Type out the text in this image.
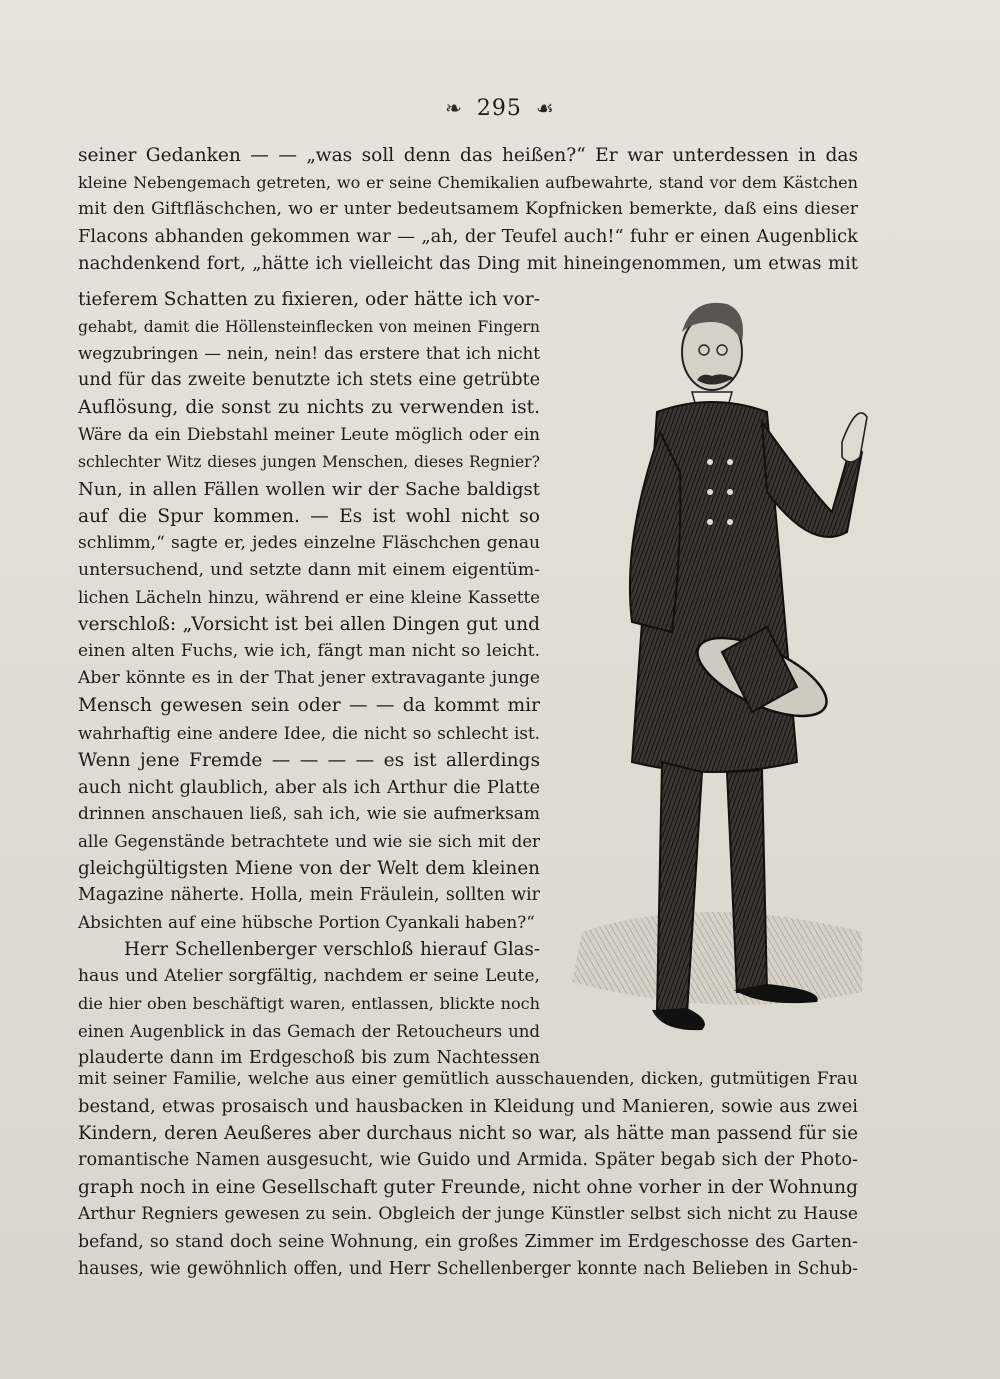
❧ 295 ☙
seiner Gedanken — — „was soll denn das heißen?“ Er war unterdessen in das
kleine Nebengemach getreten, wo er seine Chemikalien aufbewahrte, stand vor dem Kästchen
mit den Giftfläschchen, wo er unter bedeutsamem Kopfnicken bemerkte, daß eins dieser
Flacons abhanden gekommen war — „ah, der Teufel auch!“ fuhr er einen Augenblick
nachdenkend fort, „hätte ich vielleicht das Ding mit hineingenommen, um etwas mit
tieferem Schatten zu fixieren, oder hätte ich vor-
gehabt, damit die Höllensteinflecken von meinen Fingern
wegzubringen — nein, nein! das erstere that ich nicht
und für das zweite benutzte ich stets eine getrübte
Auflösung, die sonst zu nichts zu verwenden ist.
Wäre da ein Diebstahl meiner Leute möglich oder ein
schlechter Witz dieses jungen Menschen, dieses Regnier?
Nun, in allen Fällen wollen wir der Sache baldigst
auf die Spur kommen. — Es ist wohl nicht so
schlimm,“ sagte er, jedes einzelne Fläschchen genau
untersuchend, und setzte dann mit einem eigentüm-
lichen Lächeln hinzu, während er eine kleine Kassette
verschloß: „Vorsicht ist bei allen Dingen gut und
einen alten Fuchs, wie ich, fängt man nicht so leicht.
Aber könnte es in der That jener extravagante junge
Mensch gewesen sein oder — — da kommt mir
wahrhaftig eine andere Idee, die nicht so schlecht ist.
Wenn jene Fremde — — — — es ist allerdings
auch nicht glaublich, aber als ich Arthur die Platte
drinnen anschauen ließ, sah ich, wie sie aufmerksam
alle Gegenstände betrachtete und wie sie sich mit der
gleichgültigsten Miene von der Welt dem kleinen
Magazine näherte. Holla, mein Fräulein, sollten wir
Absichten auf eine hübsche Portion Cyankali haben?“
Herr Schellenberger verschloß hierauf Glas-
haus und Atelier sorgfältig, nachdem er seine Leute,
die hier oben beschäftigt waren, entlassen, blickte noch
einen Augenblick in das Gemach der Retoucheurs und
plauderte dann im Erdgeschoß bis zum Nachtessen
mit seiner Familie, welche aus einer gemütlich ausschauenden, dicken, gutmütigen Frau
bestand, etwas prosaisch und hausbacken in Kleidung und Manieren, sowie aus zwei
Kindern, deren Aeußeres aber durchaus nicht so war, als hätte man passend für sie
romantische Namen ausgesucht, wie Guido und Armida. Später begab sich der Photo-
graph noch in eine Gesellschaft guter Freunde, nicht ohne vorher in der Wohnung
Arthur Regniers gewesen zu sein. Obgleich der junge Künstler selbst sich nicht zu Hause
befand, so stand doch seine Wohnung, ein großes Zimmer im Erdgeschosse des Garten-
hauses, wie gewöhnlich offen, und Herr Schellenberger konnte nach Belieben in Schub-
